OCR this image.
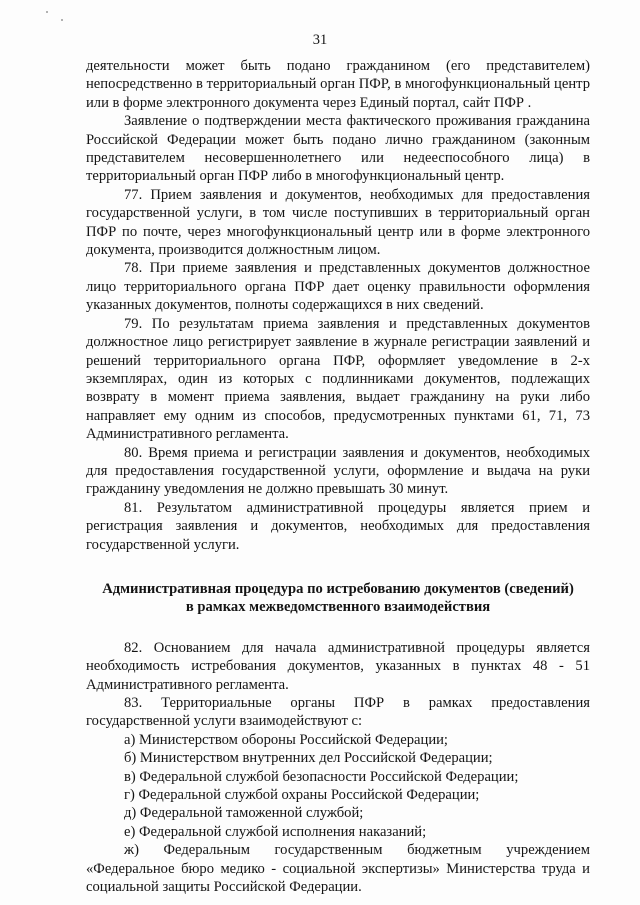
31

деятельности может быть подано гражданином (его представителем) непосредственно в территориальный орган ПФР, в многофункциональный центр или в форме электронного документа через Единый портал, сайт ПФР .

Заявление о подтверждении места фактического проживания гражданина Российской Федерации может быть подано лично гражданином (законным представителем несовершеннолетнего или недееспособного лица) в территориальный орган ПФР либо в многофункциональный центр.

77. Прием заявления и документов, необходимых для предоставления государственной услуги, в том числе поступивших в территориальный орган ПФР по почте, через многофункциональный центр или в форме электронного документа, производится должностным лицом.

78. При приеме заявления и представленных документов должностное лицо территориального органа ПФР дает оценку правильности оформления указанных документов, полноты содержащихся в них сведений.

79. По результатам приема заявления и представленных документов должностное лицо регистрирует заявление в журнале регистрации заявлений и решений территориального органа ПФР, оформляет уведомление в 2-х экземплярах, один из которых с подлинниками документов, подлежащих возврату в момент приема заявления, выдает гражданину на руки либо направляет ему одним из способов, предусмотренных пунктами 61, 71, 73 Административного регламента.

80. Время приема и регистрации заявления и документов, необходимых для предоставления государственной услуги, оформление и выдача на руки гражданину уведомления не должно превышать 30 минут.

81. Результатом административной процедуры является прием и регистрация заявления и документов, необходимых для предоставления государственной услуги.

Административная процедура по истребованию документов (сведений)
в рамках межведомственного взаимодействия

82. Основанием для начала административной процедуры является необходимость истребования документов, указанных в пунктах 48 - 51 Административного регламента.

83. Территориальные органы ПФР в рамках предоставления государственной услуги взаимодействуют с:

а) Министерством обороны Российской Федерации;

б) Министерством внутренних дел Российской Федерации;

в) Федеральной службой безопасности Российской Федерации;

г) Федеральной службой охраны Российской Федерации;

д) Федеральной таможенной службой;

е) Федеральной службой исполнения наказаний;

ж) Федеральным государственным бюджетным учреждением «Федеральное бюро медико - социальной экспертизы» Министерства труда и социальной защиты Российской Федерации.
